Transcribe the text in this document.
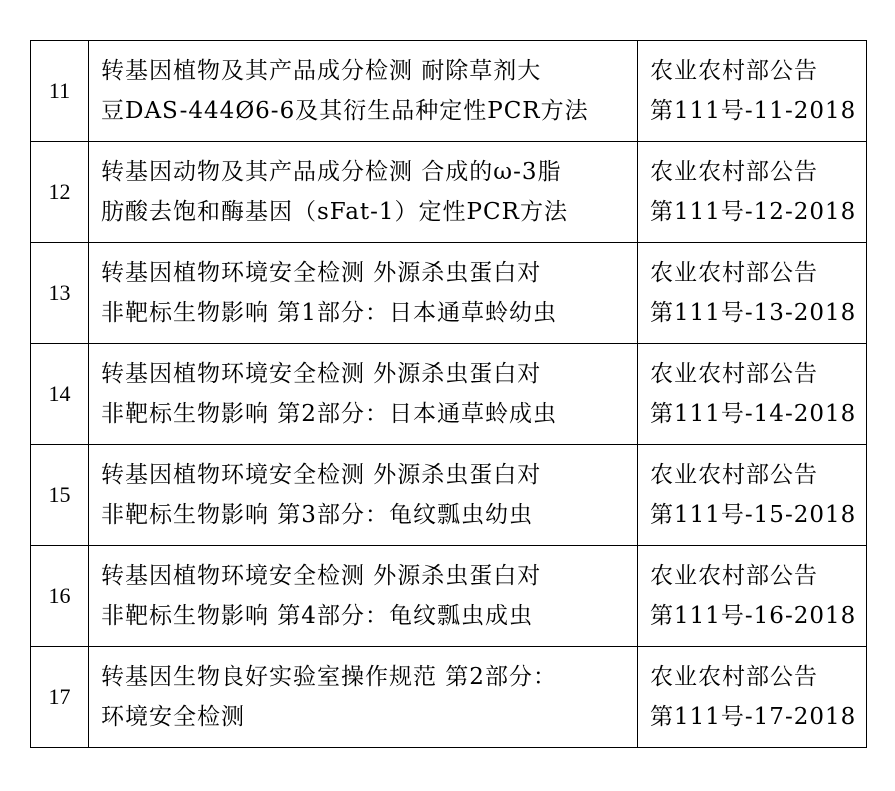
11	转基因植物及其产品成分检测 耐除草剂大
豆DAS-444Ø6-6及其衍生品种定性PCR方法	农业农村部公告
第111号-11-2018

12	转基因动物及其产品成分检测 合成的ω-3脂
肪酸去饱和酶基因（sFat-1）定性PCR方法	农业农村部公告
第111号-12-2018

13	转基因植物环境安全检测 外源杀虫蛋白对
非靶标生物影响 第1部分：日本通草蛉幼虫	农业农村部公告
第111号-13-2018

14	转基因植物环境安全检测 外源杀虫蛋白对
非靶标生物影响 第2部分：日本通草蛉成虫	农业农村部公告
第111号-14-2018

15	转基因植物环境安全检测 外源杀虫蛋白对
非靶标生物影响 第3部分：龟纹瓢虫幼虫	农业农村部公告
第111号-15-2018

16	转基因植物环境安全检测 外源杀虫蛋白对
非靶标生物影响 第4部分：龟纹瓢虫成虫	农业农村部公告
第111号-16-2018

17	转基因生物良好实验室操作规范 第2部分：
环境安全检测	农业农村部公告
第111号-17-2018
